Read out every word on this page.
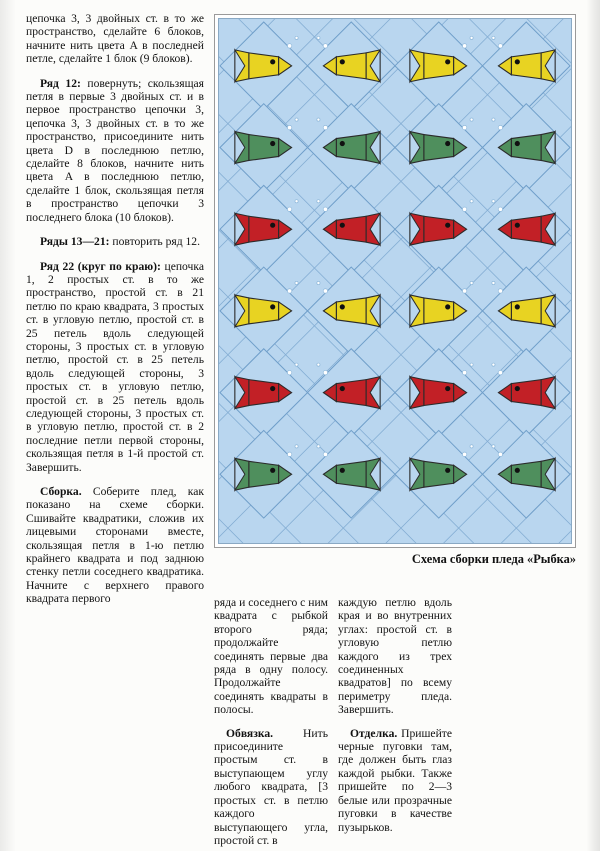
цепочка 3, 3 двойных ст. в то же пространство, сделайте 6 блоков, начните нить цвета A в последней петле, сделайте 1 блок (9 блоков).

Ряд 12: повернуть; скользящая петля в первые 3 двойных ст. и в первое пространство цепочки 3, цепочка 3, 3 двойных ст. в то же пространство, присоедините нить цвета D в последнюю петлю, сделайте 8 блоков, начните нить цвета A в последнюю петлю, сделайте 1 блок, скользящая петля в пространство цепочки 3 последнего блока (10 блоков).

Ряды 13—21: повторить ряд 12.

Ряд 22 (круг по краю): цепочка 1, 2 простых ст. в то же пространство, простой ст. в 21 петлю по краю квадрата, 3 простых ст. в угловую петлю, простой ст. в 25 петель вдоль следующей стороны, 3 простых ст. в угловую петлю, простой ст. в 25 петель вдоль следующей стороны, 3 простых ст. в угловую петлю, простой ст. в 25 петель вдоль следующей стороны, 3 простых ст. в угловую петлю, простой ст. в 2 последние петли первой стороны, скользящая петля в 1-й простой ст. Завершить.

Сборка. Соберите плед, как показано на схеме сборки. Сшивайте квадратики, сложив их лицевыми сторонами вместе, скользящая петля в 1-ю петлю крайнего квадрата и под заднюю стенку петли соседнего квадратика. Начните с верхнего правого квадрата первого

Схема сборки пледа «Рыбка»

ряда и соседнего с ним квадрата с рыбкой второго ряда; продолжайте соединять первые два ряда в одну полосу. Продолжайте соединять квадраты в полосы.

Обвязка. Нить присоедините простым ст. в выступающем углу любого квадрата, [3 простых ст. в петлю каждого выступающего угла, простой ст. в

каждую петлю вдоль края и во внутренних углах: простой ст. в угловую петлю каждого из трех соединенных квадратов] по всему периметру пледа. Завершить.

Отделка. Пришейте черные пуговки там, где должен быть глаз каждой рыбки. Также пришейте по 2—3 белые или прозрачные пуговки в качестве пузырьков.
